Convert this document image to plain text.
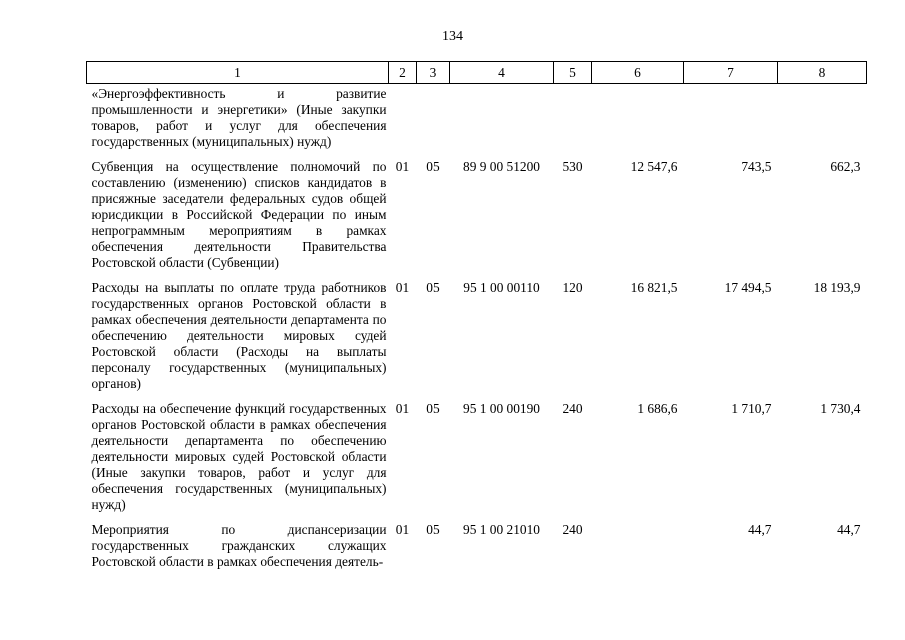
134
1	2	3	4	5	6	7	8
«Энергоэффективность и развитие промышленности и энергетики» (Иные закупки товаров, работ и услуг для обеспечения государственных (муниципальных) нужд)							
Субвенция на осуществление полномочий по составлению (изменению) списков кандидатов в присяжные заседатели федеральных судов общей юрисдикции в Российской Федерации по иным непрограммным мероприятиям в рамках обеспечения деятельности Правительства Ростовской области (Субвенции)	01	05	89 9 00 51200	530	12 547,6	743,5	662,3
Расходы на выплаты по оплате труда работников государственных органов Ростовской области в рамках обеспечения деятельности департамента по обеспечению деятельности мировых судей Ростовской области (Расходы на выплаты персоналу государственных (муниципальных) органов)	01	05	95 1 00 00110	120	16 821,5	17 494,5	18 193,9
Расходы на обеспечение функций государственных органов Ростовской области в рамках обеспечения деятельности департамента по обеспечению деятельности мировых судей Ростовской области (Иные закупки товаров, работ и услуг для обеспечения государственных (муниципальных) нужд)	01	05	95 1 00 00190	240	1 686,6	1 710,7	1 730,4
Мероприятия по диспансеризации государственных гражданских служащих Ростовской области в рамках обеспечения деятель-	01	05	95 1 00 21010	240		44,7	44,7
